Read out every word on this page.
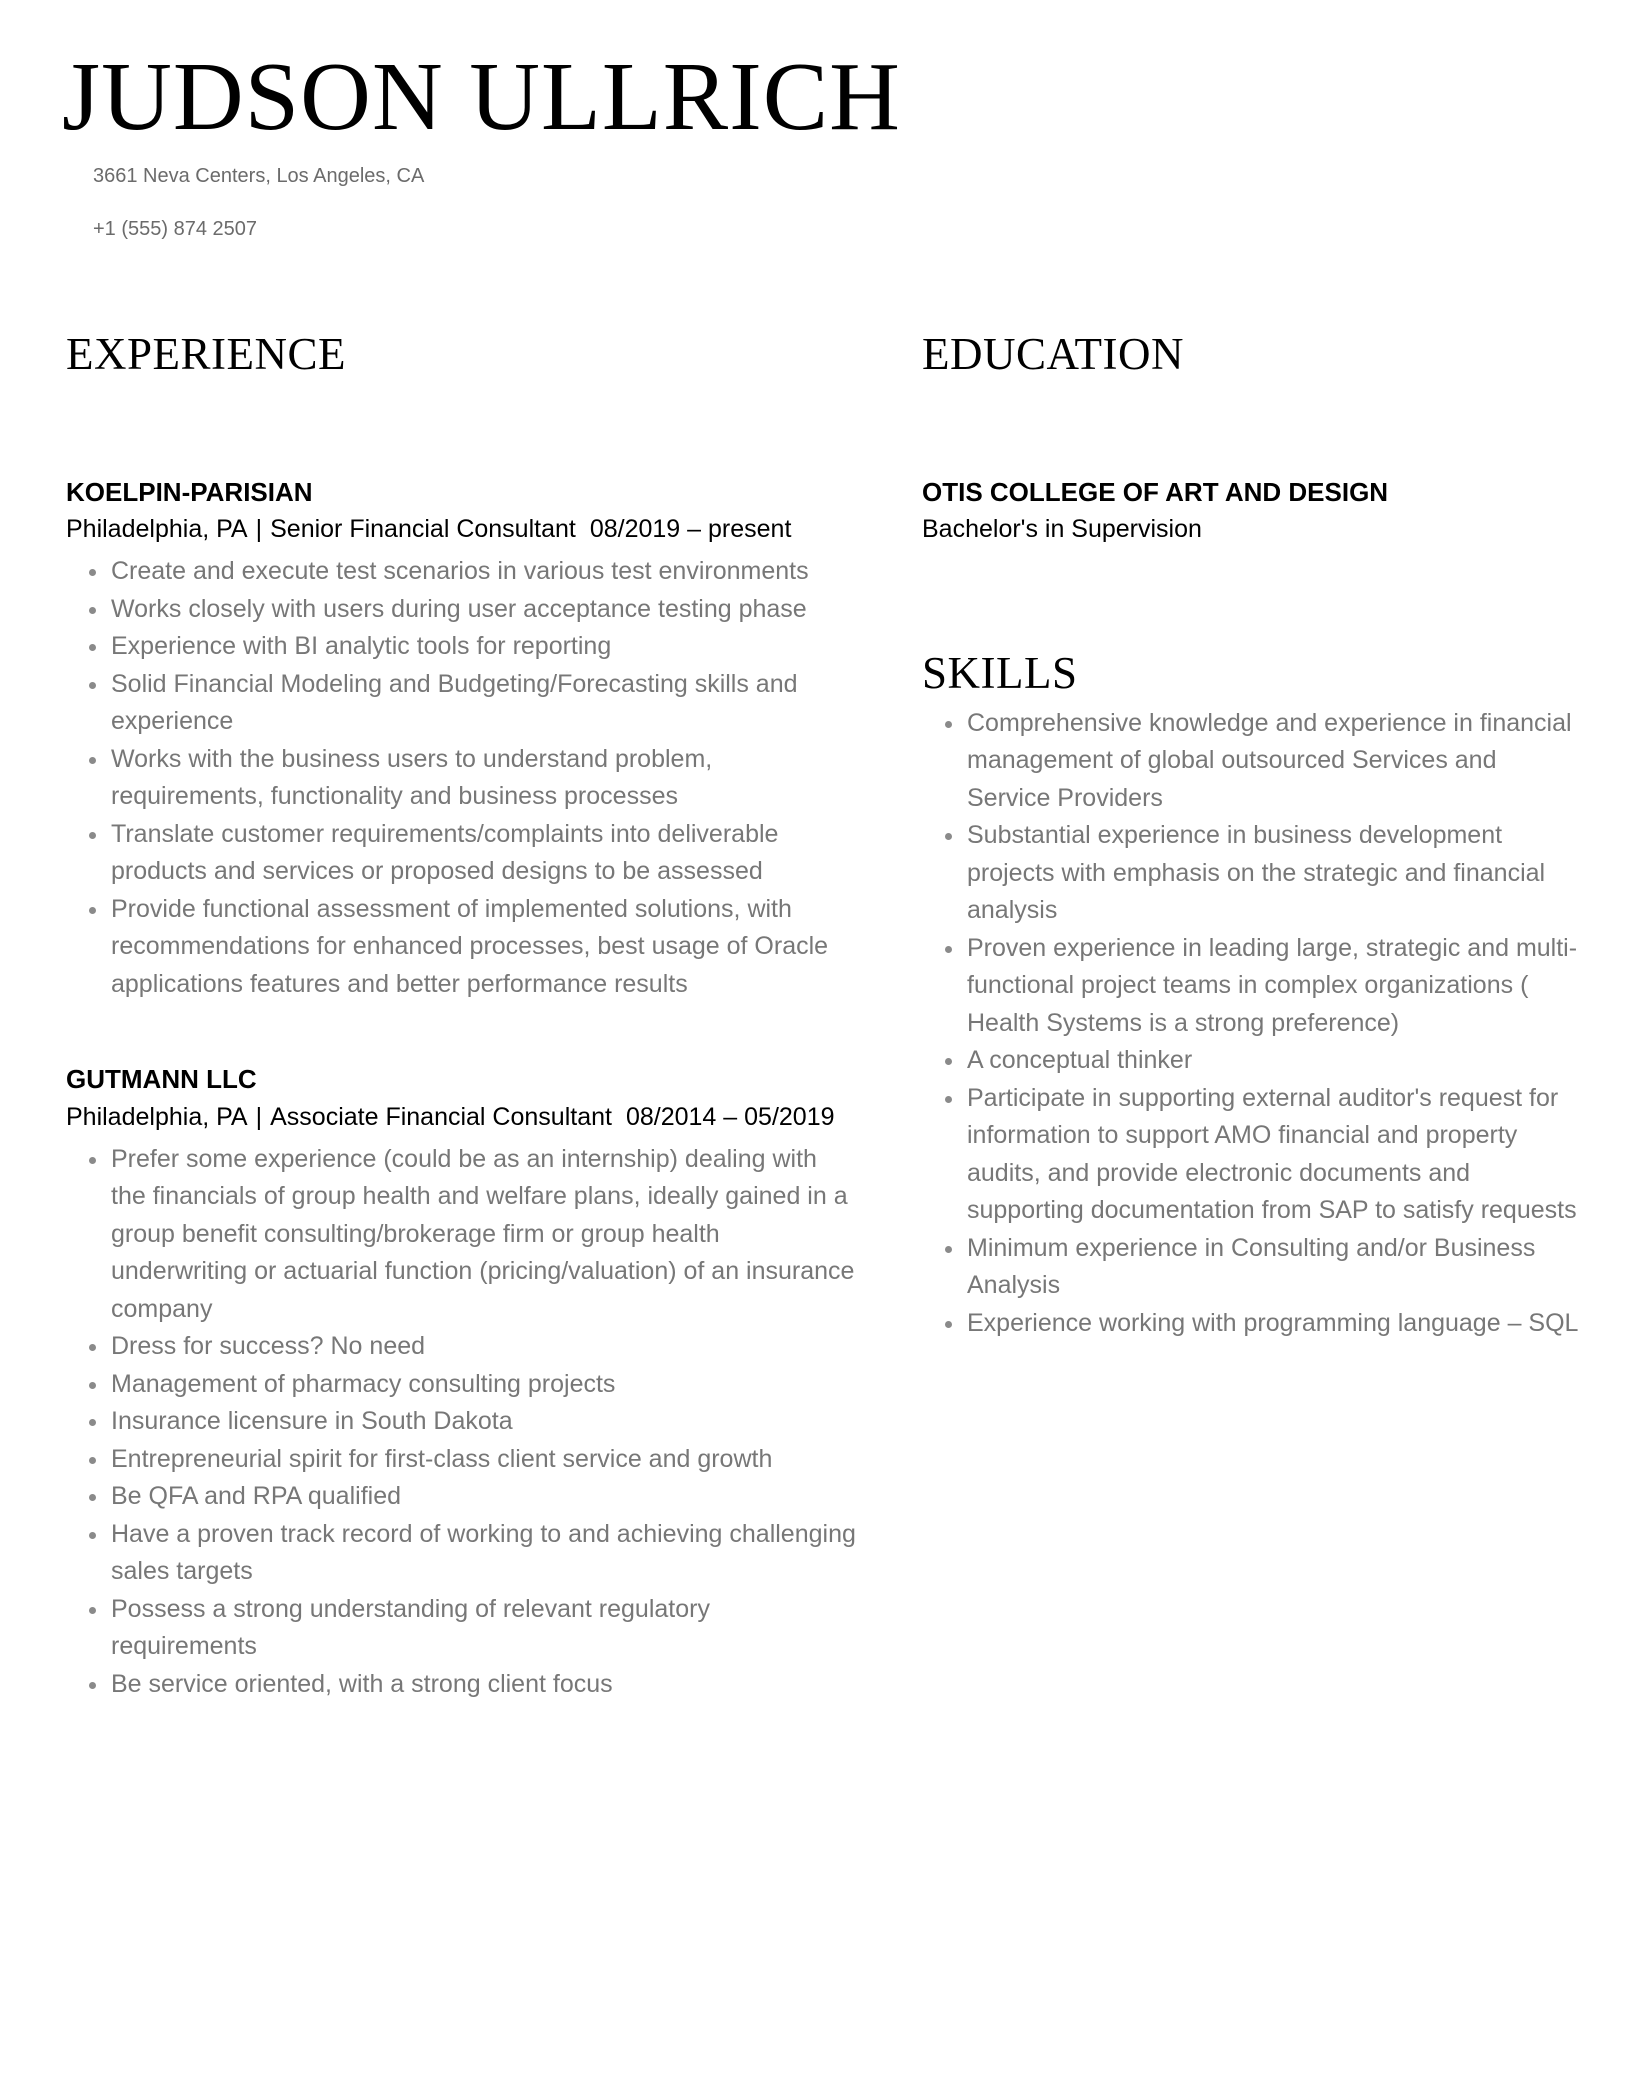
JUDSON ULLRICH

3661 Neva Centers, Los Angeles, CA

+1 (555) 874 2507

EXPERIENCE

KOELPIN-PARISIAN

Philadelphia, PA | Senior Financial Consultant 08/2019 – present

Create and execute test scenarios in various test environments
Works closely with users during user acceptance testing phase
Experience with BI analytic tools for reporting
Solid Financial Modeling and Budgeting/Forecasting skills and experience
Works with the business users to understand problem, requirements, functionality and business processes
Translate customer requirements/complaints into deliverable products and services or proposed designs to be assessed
Provide functional assessment of implemented solutions, with recommendations for enhanced processes, best usage of Oracle applications features and better performance results

GUTMANN LLC

Philadelphia, PA | Associate Financial Consultant 08/2014 – 05/2019

Prefer some experience (could be as an internship) dealing with the financials of group health and welfare plans, ideally gained in a group benefit consulting/brokerage firm or group health underwriting or actuarial function (pricing/valuation) of an insurance company
Dress for success? No need
Management of pharmacy consulting projects
Insurance licensure in South Dakota
Entrepreneurial spirit for first-class client service and growth
Be QFA and RPA qualified
Have a proven track record of working to and achieving challenging sales targets
Possess a strong understanding of relevant regulatory requirements
Be service oriented, with a strong client focus
EDUCATION

OTIS COLLEGE OF ART AND DESIGN

Bachelor's in Supervision

SKILLS
Comprehensive knowledge and experience in financial management of global outsourced Services and Service Providers
Substantial experience in business development projects with emphasis on the strategic and financial analysis
Proven experience in leading large, strategic and multi-functional project teams in complex organizations ( Health Systems is a strong preference)
A conceptual thinker
Participate in supporting external auditor's request for information to support AMO financial and property audits, and provide electronic documents and supporting documentation from SAP to satisfy requests
Minimum experience in Consulting and/or Business Analysis
Experience working with programming language – SQL
